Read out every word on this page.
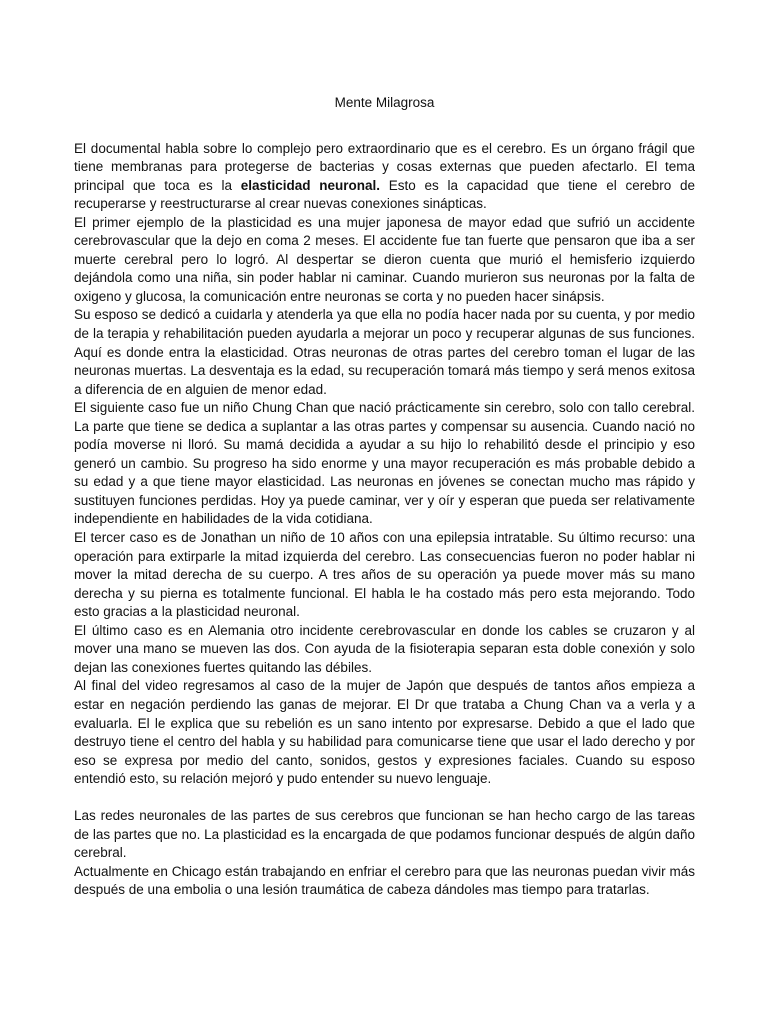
Mente Milagrosa

El documental habla sobre lo complejo pero extraordinario que es el cerebro. Es un órgano frágil que tiene membranas para protegerse de bacterias y cosas externas que pueden afectarlo. El tema principal que toca es la elasticidad neuronal. Esto es la capacidad que tiene el cerebro de recuperarse y reestructurarse al crear nuevas conexiones sinápticas.

El primer ejemplo de la plasticidad es una mujer japonesa de mayor edad que sufrió un accidente cerebrovascular que la dejo en coma 2 meses. El accidente fue tan fuerte que pensaron que iba a ser muerte cerebral pero lo logró. Al despertar se dieron cuenta que murió el hemisferio izquierdo dejándola como una niña, sin poder hablar ni caminar. Cuando murieron sus neuronas por la falta de oxigeno y glucosa, la comunicación entre neuronas se corta y no pueden hacer sinápsis.

Su esposo se dedicó a cuidarla y atenderla ya que ella no podía hacer nada por su cuenta, y por medio de la terapia y rehabilitación pueden ayudarla a mejorar un poco y recuperar algunas de sus funciones. Aquí es donde entra la elasticidad. Otras neuronas de otras partes del cerebro toman el lugar de las neuronas muertas. La desventaja es la edad, su recuperación tomará más tiempo y será menos exitosa a diferencia de en alguien de menor edad.

El siguiente caso fue un niño Chung Chan que nació prácticamente sin cerebro, solo con tallo cerebral. La parte que tiene se dedica a suplantar a las otras partes y compensar su ausencia. Cuando nació no podía moverse ni lloró. Su mamá decidida a ayudar a su hijo lo rehabilitó desde el principio y eso generó un cambio. Su progreso ha sido enorme y una mayor recuperación es más probable debido a su edad y a que tiene mayor elasticidad. Las neuronas en jóvenes se conectan mucho mas rápido y sustituyen funciones perdidas. Hoy ya puede caminar, ver y oír y esperan que pueda ser relativamente independiente en habilidades de la vida cotidiana.

El tercer caso es de Jonathan un niño de 10 años con una epilepsia intratable. Su último recurso: una operación para extirparle la mitad izquierda del cerebro. Las consecuencias fueron no poder hablar ni mover la mitad derecha de su cuerpo. A tres años de su operación ya puede mover más su mano derecha y su pierna es totalmente funcional. El habla le ha costado más pero esta mejorando. Todo esto gracias a la plasticidad neuronal.

El último caso es en Alemania otro incidente cerebrovascular en donde los cables se cruzaron y al mover una mano se mueven las dos. Con ayuda de la fisioterapia separan esta doble conexión y solo dejan las conexiones fuertes quitando las débiles.

Al final del video regresamos al caso de la mujer de Japón que después de tantos años empieza a estar en negación perdiendo las ganas de mejorar. El Dr que trataba a Chung Chan va a verla y a evaluarla. El le explica que su rebelión es un sano intento por expresarse. Debido a que el lado que destruyo tiene el centro del habla y su habilidad para comunicarse tiene que usar el lado derecho y por eso se expresa por medio del canto, sonidos, gestos y expresiones faciales. Cuando su esposo entendió esto, su relación mejoró y pudo entender su nuevo lenguaje.

Las redes neuronales de las partes de sus cerebros que funcionan se han hecho cargo de las tareas de las partes que no. La plasticidad es la encargada de que podamos funcionar después de algún daño cerebral.

Actualmente en Chicago están trabajando en enfriar el cerebro para que las neuronas puedan vivir más después de una embolia o una lesión traumática de cabeza dándoles mas tiempo para tratarlas.
